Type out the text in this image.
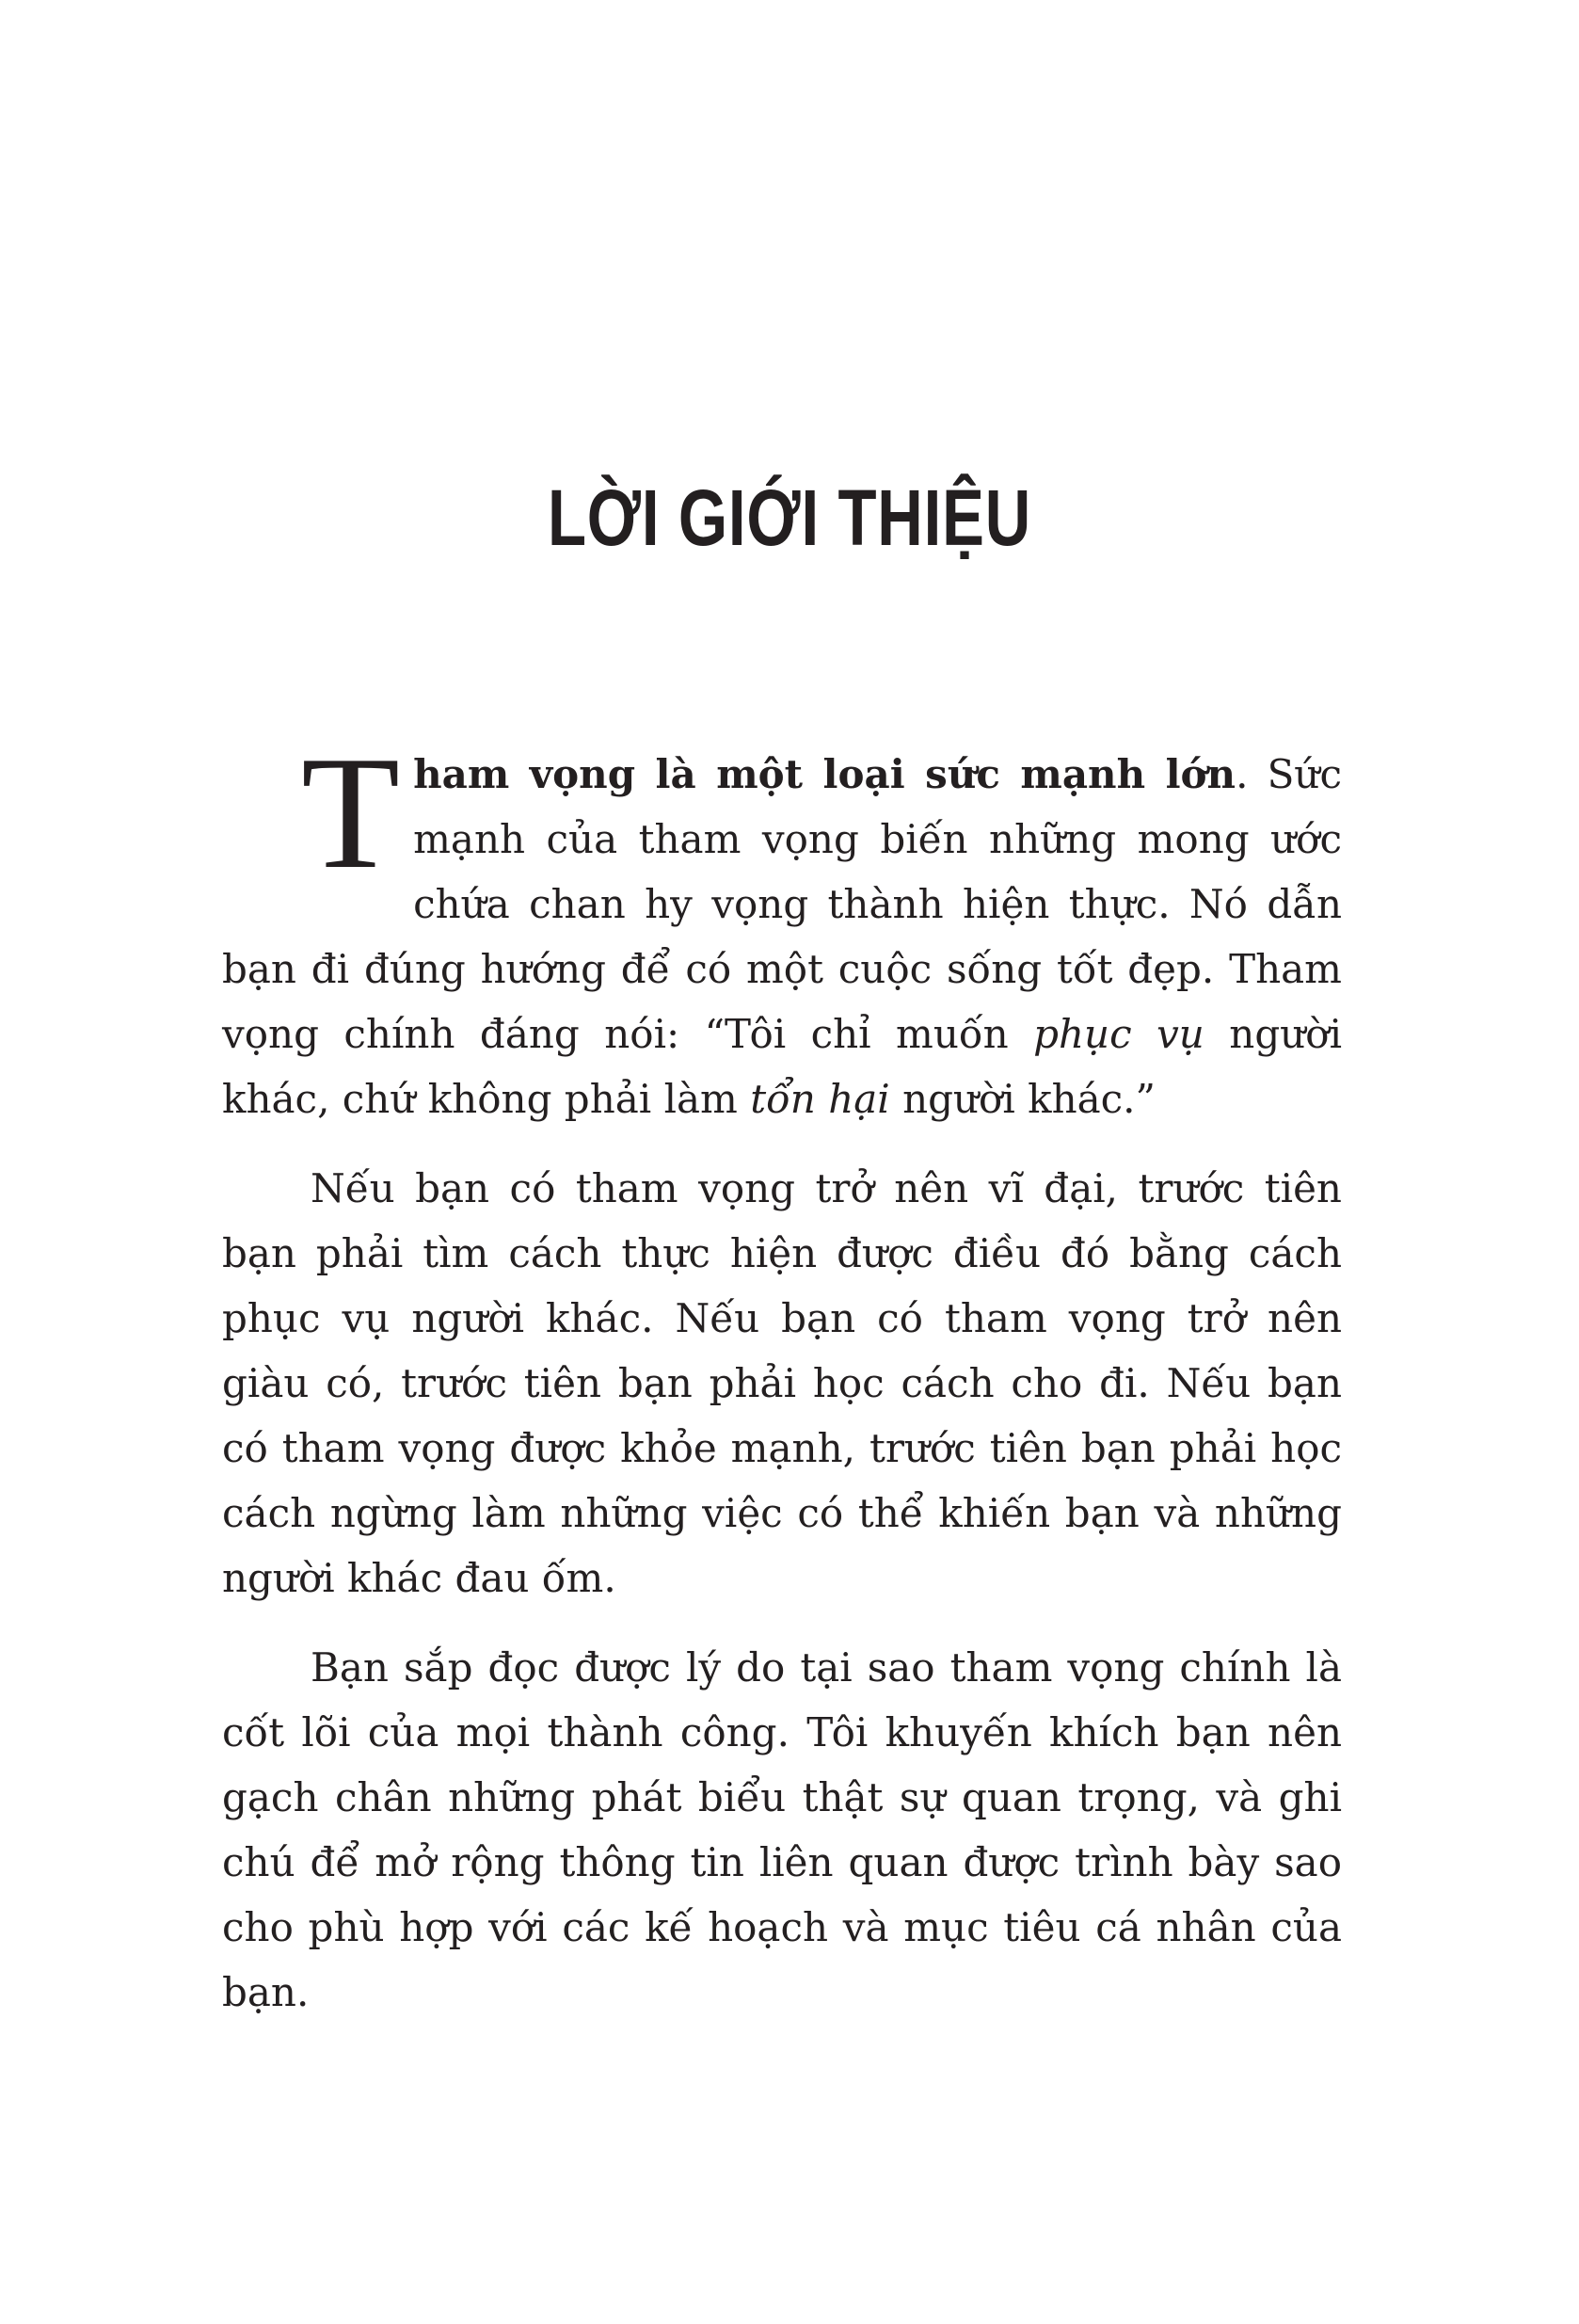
LỜI GIỚI THIỆU

Tham vọng là một loại sức mạnh lớn. Sức mạnh của tham vọng biến những mong ước chứa chan hy vọng thành hiện thực. Nó dẫn bạn đi đúng hướng để có một cuộc sống tốt đẹp. Tham vọng chính đáng nói: “Tôi chỉ muốn phục vụ người khác, chứ không phải làm tổn hại người khác.”

Nếu bạn có tham vọng trở nên vĩ đại, trước tiên bạn phải tìm cách thực hiện được điều đó bằng cách phục vụ người khác. Nếu bạn có tham vọng trở nên giàu có, trước tiên bạn phải học cách cho đi. Nếu bạn có tham vọng được khỏe mạnh, trước tiên bạn phải học cách ngừng làm những việc có thể khiến bạn và những người khác đau ốm.

Bạn sắp đọc được lý do tại sao tham vọng chính là cốt lõi của mọi thành công. Tôi khuyến khích bạn nên gạch chân những phát biểu thật sự quan trọng, và ghi chú để mở rộng thông tin liên quan được trình bày sao cho phù hợp với các kế hoạch và mục tiêu cá nhân của bạn.
